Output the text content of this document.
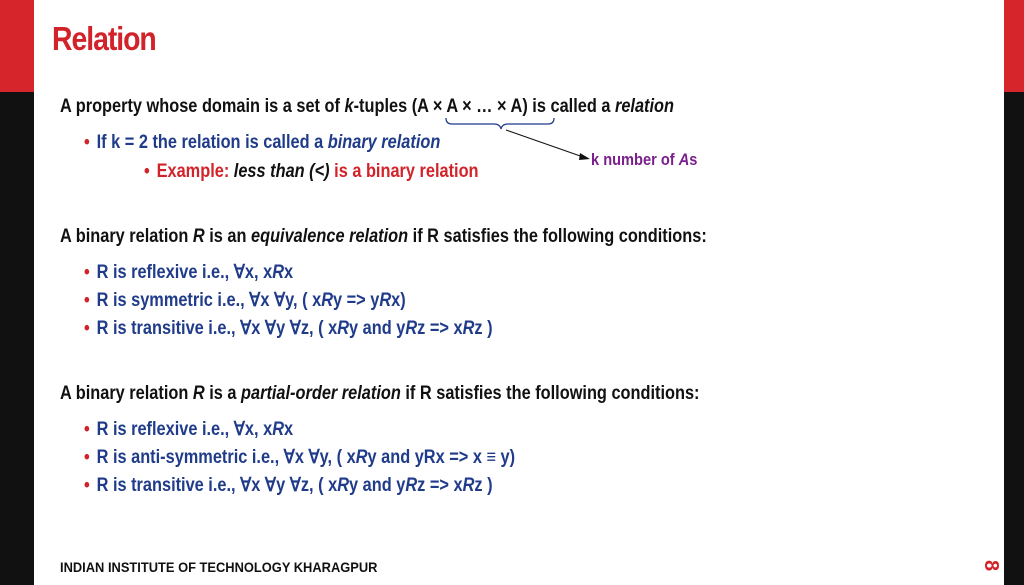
Relation
A property whose domain is a set of k-tuples (A × A × … × A) is called a relation
k number of As
• If k = 2 the relation is called a binary relation
• Example: less than (<) is a binary relation
A binary relation R is an equivalence relation if R satisfies the following conditions:
• R is reflexive i.e., ∀x, xRx
• R is symmetric i.e., ∀x ∀y, ( xRy => yRx)
• R is transitive i.e., ∀x ∀y ∀z, ( xRy and yRz => xRz )
A binary relation R is a partial-order relation if R satisfies the following conditions:
• R is reflexive i.e., ∀x, xRx
• R is anti-symmetric i.e., ∀x ∀y, ( xRy and yRx => x ≡ y)
• R is transitive i.e., ∀x ∀y ∀z, ( xRy and yRz => xRz )
INDIAN INSTITUTE OF TECHNOLOGY KHARAGPUR	8
